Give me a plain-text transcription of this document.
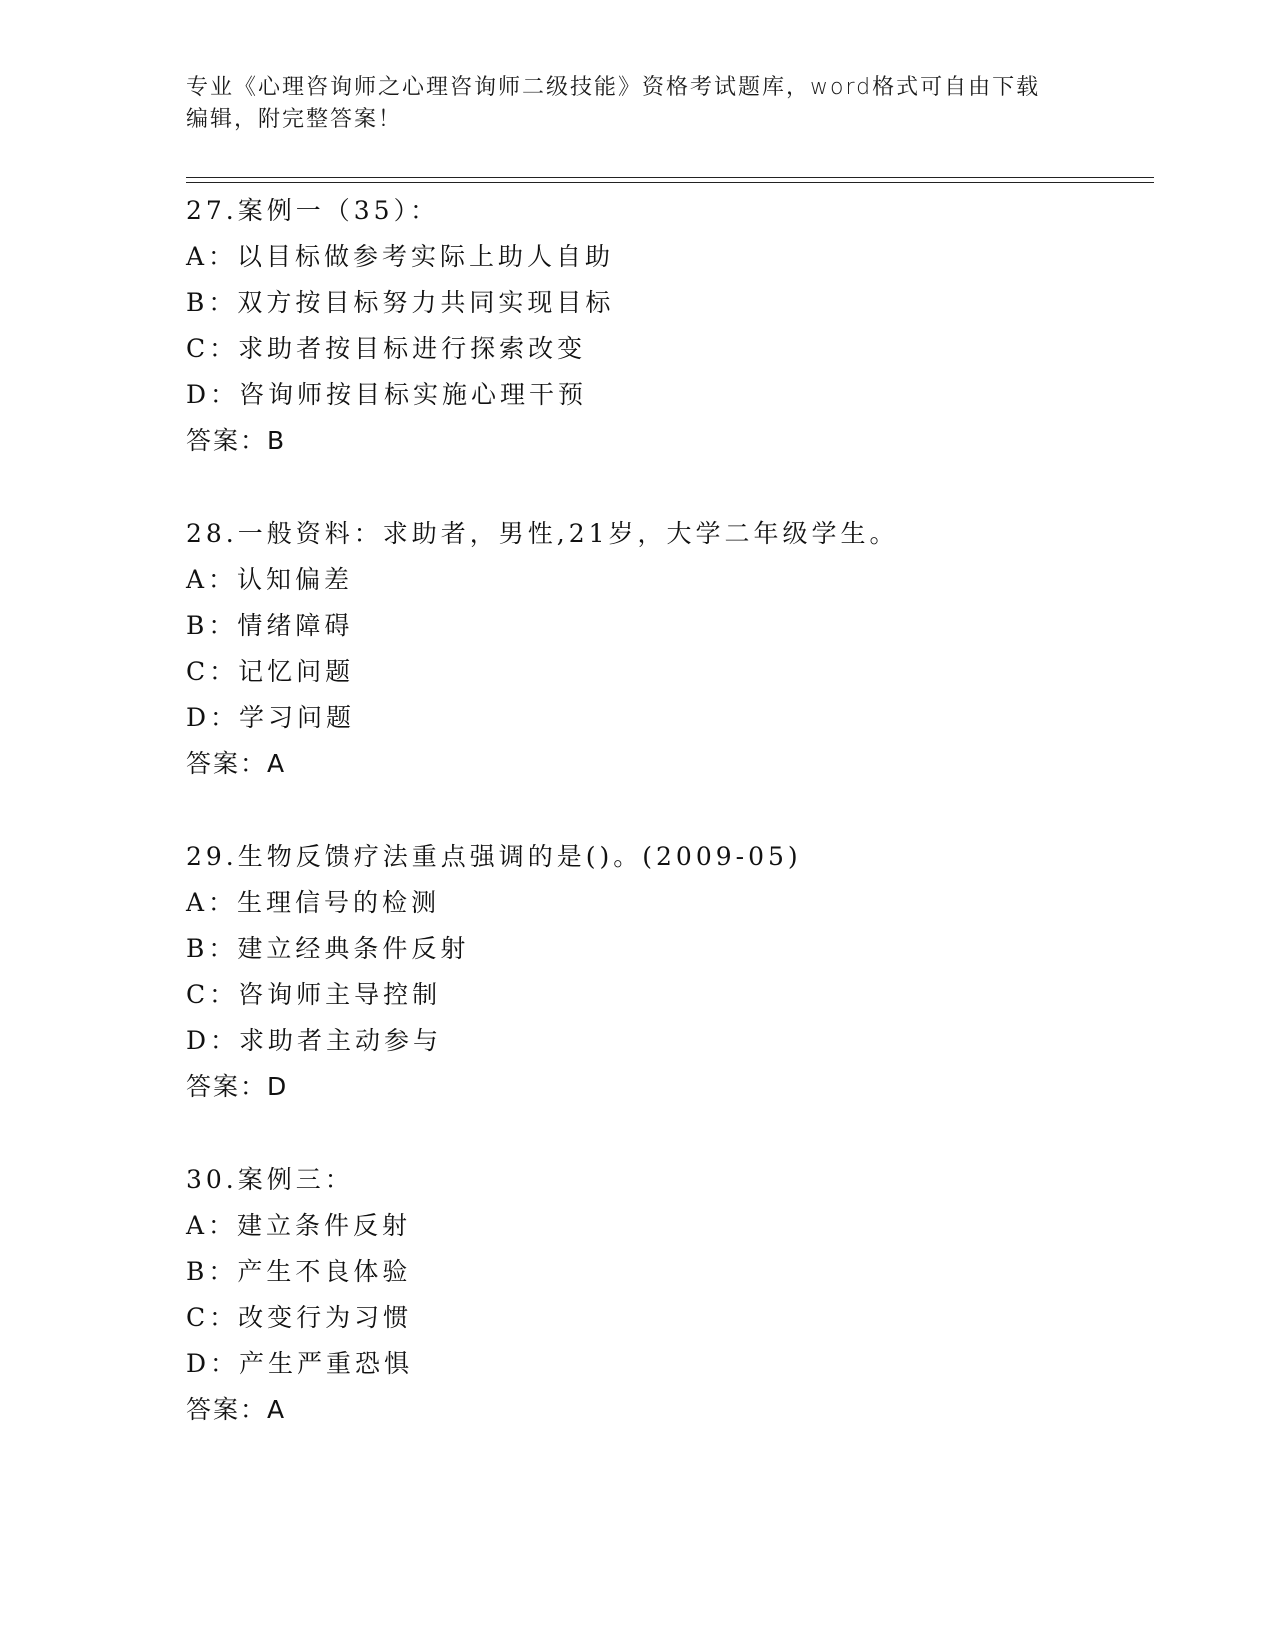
专业《心理咨询师之心理咨询师二级技能》资格考试题库，word格式可自由下载
编辑，附完整答案！
27.案例一（35）：
A：以目标做参考实际上助人自助
B：双方按目标努力共同实现目标
C：求助者按目标进行探索改变
D：咨询师按目标实施心理干预
答案：B
28.一般资料：求助者，男性,21岁，大学二年级学生。
A：认知偏差
B：情绪障碍
C：记忆问题
D：学习问题
答案：A
29.生物反馈疗法重点强调的是()。(2009-05)
A：生理信号的检测
B：建立经典条件反射
C：咨询师主导控制
D：求助者主动参与
答案：D
30.案例三：
A：建立条件反射
B：产生不良体验
C：改变行为习惯
D：产生严重恐惧
答案：A
